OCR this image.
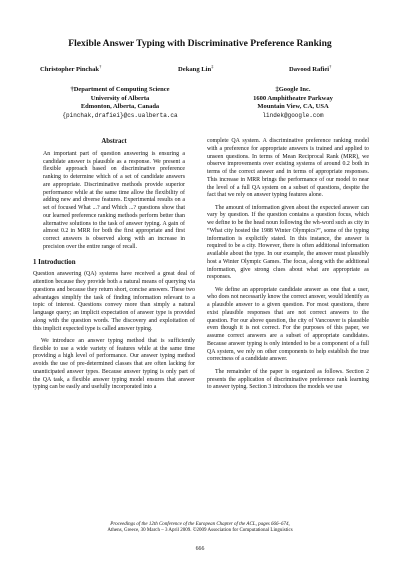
Flexible Answer Typing with Discriminative Preference Ranking
Christopher Pinchak†	Dekang Lin‡	Davood Rafiei†
†Department of Computing Science
University of Alberta
Edmonton, Alberta, Canada
{pinchak,drafiei}@cs.ualberta.ca
‡Google Inc.
1600 Amphitheatre Parkway
Mountain View, CA, USA
lindek@google.com
Abstract
An important part of question answering is ensuring a candidate answer is plausible as a response. We present a flexible approach based on discriminative preference ranking to determine which of a set of candidate answers are appropriate. Discriminative methods provide superior performance while at the same time allow the flexibility of adding new and diverse features. Experimental results on a set of focused What ...? and Which ...? questions show that our learned preference ranking methods perform better than alternative solutions to the task of answer typing. A gain of almost 0.2 in MRR for both the first appropriate and first correct answers is observed along with an increase in precision over the entire range of recall.
1 Introduction

Question answering (QA) systems have received a great deal of attention because they provide both a natural means of querying via questions and because they return short, concise answers. These two advantages simplify the task of finding information relevant to a topic of interest. Questions convey more than simply a natural language query; an implicit expectation of answer type is provided along with the question words. The discovery and exploitation of this implicit expected type is called answer typing.

We introduce an answer typing method that is sufficiently flexible to use a wide variety of features while at the same time providing a high level of performance. Our answer typing method avoids the use of pre-determined classes that are often lacking for unanticipated answer types. Because answer typing is only part of the QA task, a flexible answer typing model ensures that answer typing can be easily and usefully incorporated into a

complete QA system. A discriminative preference ranking model with a preference for appropriate answers is trained and applied to unseen questions. In terms of Mean Reciprocal Rank (MRR), we observe improvements over existing systems of around 0.2 both in terms of the correct answer and in terms of appropriate responses. This increase in MRR brings the performance of our model to near the level of a full QA system on a subset of questions, despite the fact that we rely on answer typing features alone.

The amount of information given about the expected answer can vary by question. If the question contains a question focus, which we define to be the head noun following the wh-word such as city in “What city hosted the 1988 Winter Olympics?”, some of the typing information is explicitly stated. In this instance, the answer is required to be a city. However, there is often additional information available about the type. In our example, the answer must plausibly host a Winter Olympic Games. The focus, along with the additional information, give strong clues about what are appropriate as responses.

We define an appropriate candidate answer as one that a user, who does not necessarily know the correct answer, would identify as a plausible answer to a given question. For most questions, there exist plausible responses that are not correct answers to the question. For our above question, the city of Vancouver is plausible even though it is not correct. For the purposes of this paper, we assume correct answers are a subset of appropriate candidates. Because answer typing is only intended to be a component of a full QA system, we rely on other components to help establish the true correctness of a candidate answer.

The remainder of the paper is organized as follows. Section 2 presents the application of discriminative preference rank learning to answer typing. Section 3 introduces the models we use

Proceedings of the 12th Conference of the European Chapter of the ACL, pages 666–674,
Athens, Greece, 30 March – 3 April 2009. ©2009 Association for Computational Linguistics
666
